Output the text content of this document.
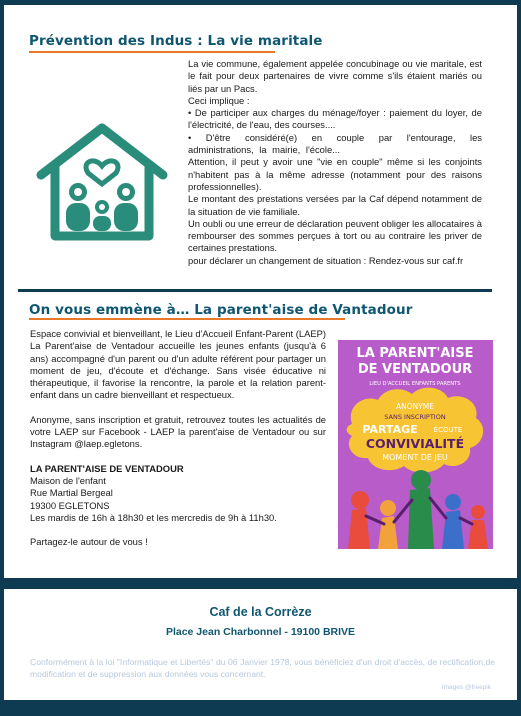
Prévention des Indus : La vie maritale

La vie commune, également appelée concubinage ou vie maritale, est le fait pour deux partenaires de vivre comme s'ils étaient mariés ou liés par un Pacs.

Ceci implique :

• De participer aux charges du ménage/foyer : paiement du loyer, de l'électricité, de l'eau, des courses....

• D'être considéré(e) en couple par l'entourage, les administrations, la mairie, l'école...

Attention, il peut y avoir une "vie en couple" même si les conjoints n'habitent pas à la même adresse (notamment pour des raisons professionnelles).

Le montant des prestations versées par la Caf dépend notamment de la situation de vie familiale.

Un oubli ou une erreur de déclaration peuvent obliger les allocataires à rembourser des sommes perçues à tort ou au contraire les priver de certaines prestations.

pour déclarer un changement de situation : Rendez-vous sur caf.fr

On vous emmène à… La parent'aise de Vantadour

Espace convivial et bienveillant, le Lieu d'Accueil Enfant-Parent (LAEP) La Parent'aise de Ventadour accueille les jeunes enfants (jusqu'à 6 ans) accompagné d'un parent ou d'un adulte référent pour partager un moment de jeu, d'écoute et d'échange. Sans visée éducative ni thérapeutique, il favorise la rencontre, la parole et la relation parent-enfant dans un cadre bienveillant et respectueux.

Anonyme, sans inscription et gratuit, retrouvez toutes les actualités de votre LAEP sur Facebook - LAEP la parent'aise de Ventadour ou sur Instagram @laep.egletons.

LA PARENT'AISE DE VENTADOUR

Maison de l'enfant

Rue Martial Bergeal

19300 EGLETONS

Les mardis de 16h à 18h30 et les mercredis de 9h à 11h30.

Partagez-le autour de vous !

LA PARENT'AISE
DE VENTADOUR
LIEU D'ACCUEIL ENFANTS PARENTS
ANONYME
SANS INSCRIPTION
PARTAGE ÉCOUTE
CONVIVIALITÉ
MOMENT DE JEU
Caf de la Corrèze
Place Jean Charbonnel - 19100 BRIVE
Conformément à la loi "Informatique et Libertés" du 06 Janvier 1978, vous bénéficiez d'un droit d'accès, de rectification,de modification et de suppression aux données vous concernant.
Images @freepik
